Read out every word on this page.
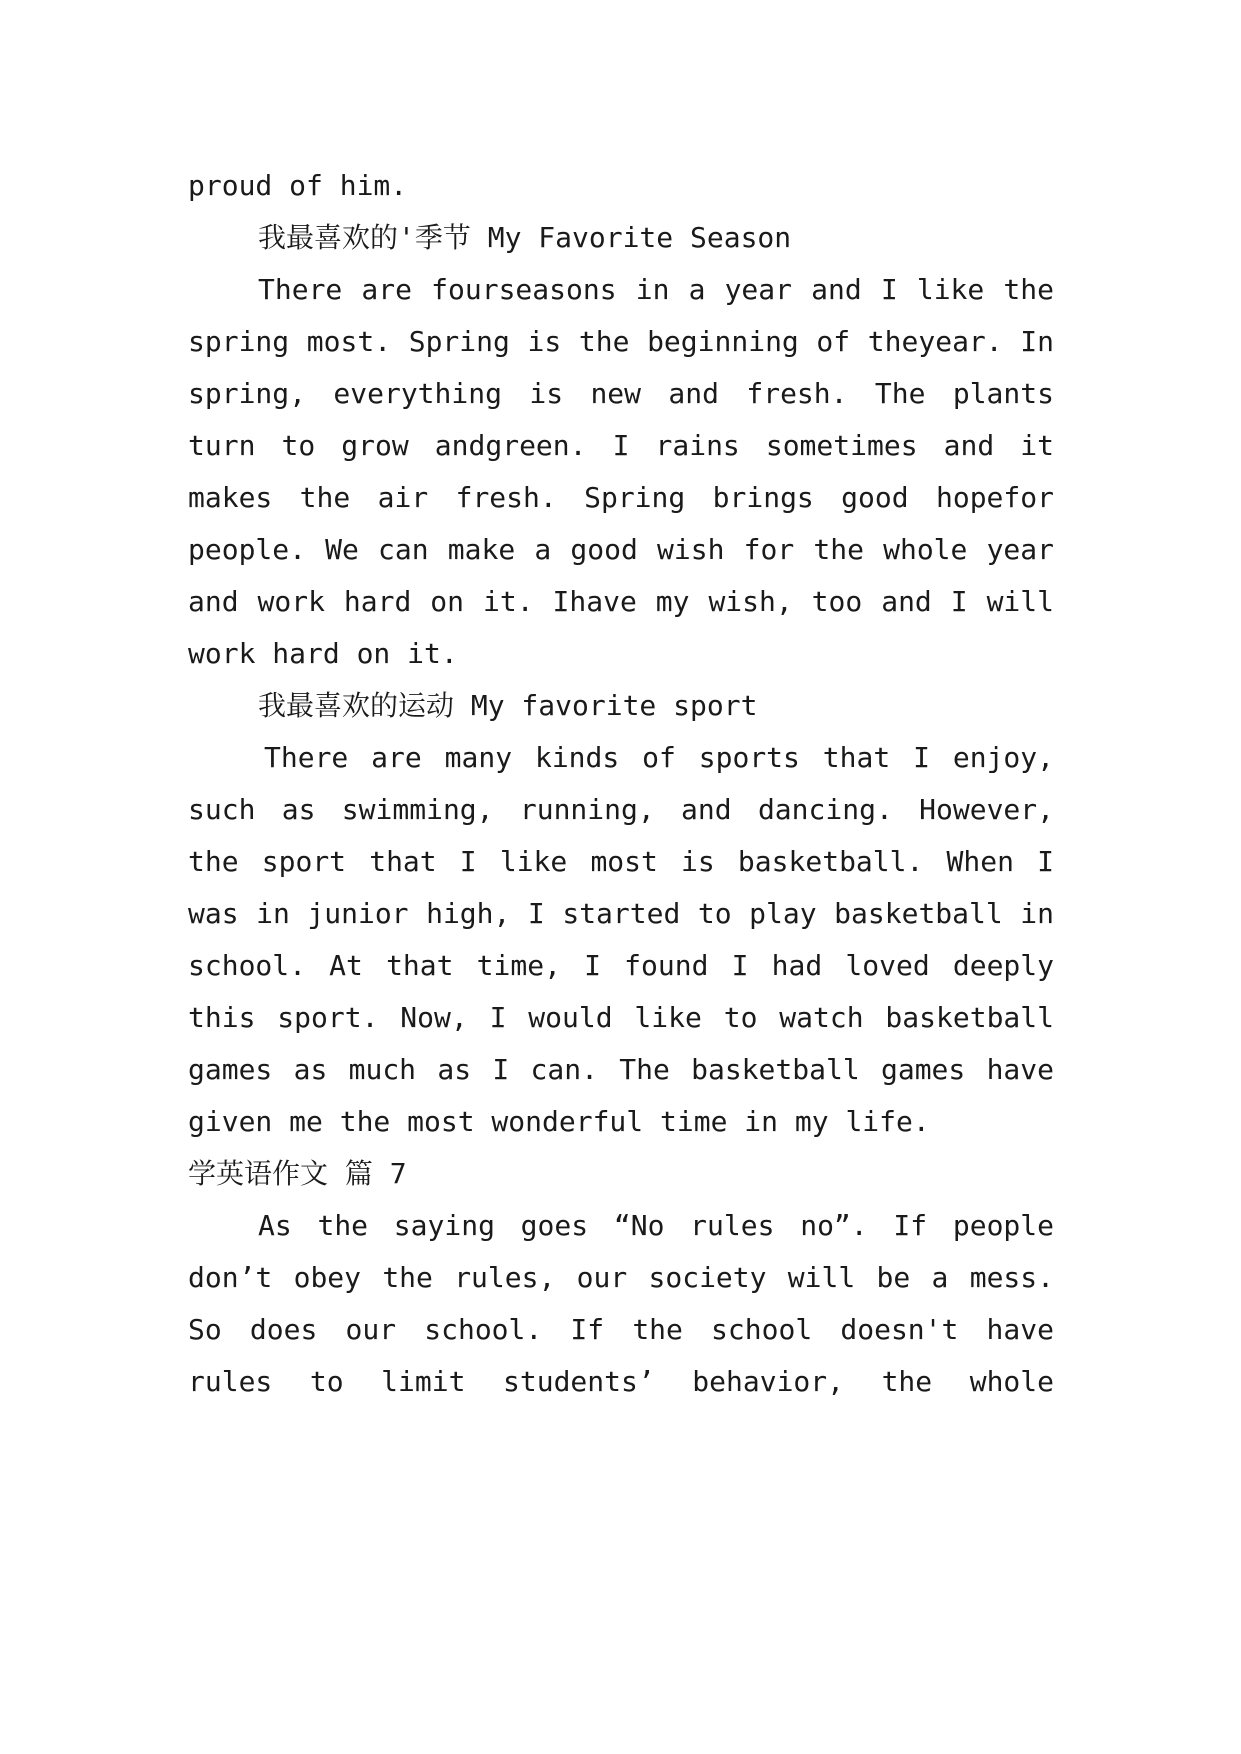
proud of him.

我最喜欢的'季节 My Favorite Season

There are fourseasons in a year and I like the

spring most. Spring is the beginning of theyear. In

spring, everything is new and fresh. The plants

turn to grow andgreen. I rains sometimes and it

makes the air fresh. Spring brings good hopefor

people. We can make a good wish for the whole year

and work hard on it. Ihave my wish, too and I will

work hard on it.

我最喜欢的运动 My favorite sport

There are many kinds of sports that I enjoy,

such as swimming, running, and dancing. However,

the sport that I like most is basketball. When I

was in junior high, I started to play basketball in

school. At that time, I found I had loved deeply

this sport. Now, I would like to watch basketball

games as much as I can. The basketball games have

given me the most wonderful time in my life.

学英语作文 篇 7

As the saying goes “No rules no”. If people

don’t obey the rules, our society will be a mess.

So does our school. If the school doesn't have

rules to limit students’ behavior, the whole
